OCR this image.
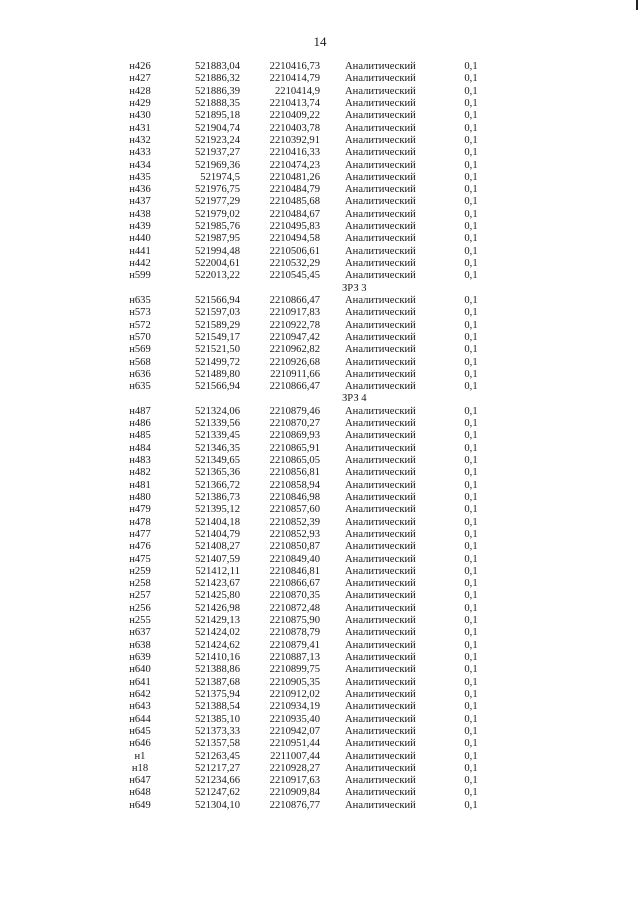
14
н426	521883,04	2210416,73 Аналитический	0,1
н427	521886,32	2210414,79 Аналитический	0,1
н428	521886,39	2210414,9 Аналитический	0,1
н429	521888,35	2210413,74 Аналитический	0,1
н430	521895,18	2210409,22 Аналитический	0,1
н431	521904,74	2210403,78 Аналитический	0,1
н432	521923,24	2210392,91 Аналитический	0,1
н433	521937,27	2210416,33 Аналитический	0,1
н434	521969,36	2210474,23 Аналитический	0,1
н435	521974,5	2210481,26 Аналитический	0,1
н436	521976,75	2210484,79 Аналитический	0,1
н437	521977,29	2210485,68 Аналитический	0,1
н438	521979,02	2210484,67 Аналитический	0,1
н439	521985,76	2210495,83 Аналитический	0,1
н440	521987,95	2210494,58 Аналитический	0,1
н441	521994,48	2210506,61 Аналитический	0,1
н442	522004,61	2210532,29 Аналитический	0,1
н599	522013,22	2210545,45 Аналитический	0,1
ЗРЗ 3
н635	521566,94	2210866,47 Аналитический	0,1
н573	521597,03	2210917,83 Аналитический	0,1
н572	521589,29	2210922,78 Аналитический	0,1
н570	521549,17	2210947,42 Аналитический	0,1
н569	521521,50	2210962,82 Аналитический	0,1
н568	521499,72	2210926,68 Аналитический	0,1
н636	521489,80	2210911,66 Аналитический	0,1
н635	521566,94	2210866,47 Аналитический	0,1
ЗРЗ 4
н487	521324,06	2210879,46 Аналитический	0,1
н486	521339,56	2210870,27 Аналитический	0,1
н485	521339,45	2210869,93 Аналитический	0,1
н484	521346,35	2210865,91 Аналитический	0,1
н483	521349,65	2210865,05 Аналитический	0,1
н482	521365,36	2210856,81 Аналитический	0,1
н481	521366,72	2210858,94 Аналитический	0,1
н480	521386,73	2210846,98 Аналитический	0,1
н479	521395,12	2210857,60 Аналитический	0,1
н478	521404,18	2210852,39 Аналитический	0,1
н477	521404,79	2210852,93 Аналитический	0,1
н476	521408,27	2210850,87 Аналитический	0,1
н475	521407,59	2210849,40 Аналитический	0,1
н259	521412,11	2210846,81 Аналитический	0,1
н258	521423,67	2210866,67 Аналитический	0,1
н257	521425,80	2210870,35 Аналитический	0,1
н256	521426,98	2210872,48 Аналитический	0,1
н255	521429,13	2210875,90 Аналитический	0,1
н637	521424,02	2210878,79 Аналитический	0,1
н638	521424,62	2210879,41 Аналитический	0,1
н639	521410,16	2210887,13 Аналитический	0,1
н640	521388,86	2210899,75 Аналитический	0,1
н641	521387,68	2210905,35 Аналитический	0,1
н642	521375,94	2210912,02 Аналитический	0,1
н643	521388,54	2210934,19 Аналитический	0,1
н644	521385,10	2210935,40 Аналитический	0,1
н645	521373,33	2210942,07 Аналитический	0,1
н646	521357,58	2210951,44 Аналитический	0,1
н1	521263,45	2211007,44 Аналитический	0,1
н18	521217,27	2210928,27 Аналитический	0,1
н647	521234,66	2210917,63 Аналитический	0,1
н648	521247,62	2210909,84 Аналитический	0,1
н649	521304,10	2210876,77 Аналитический	0,1
